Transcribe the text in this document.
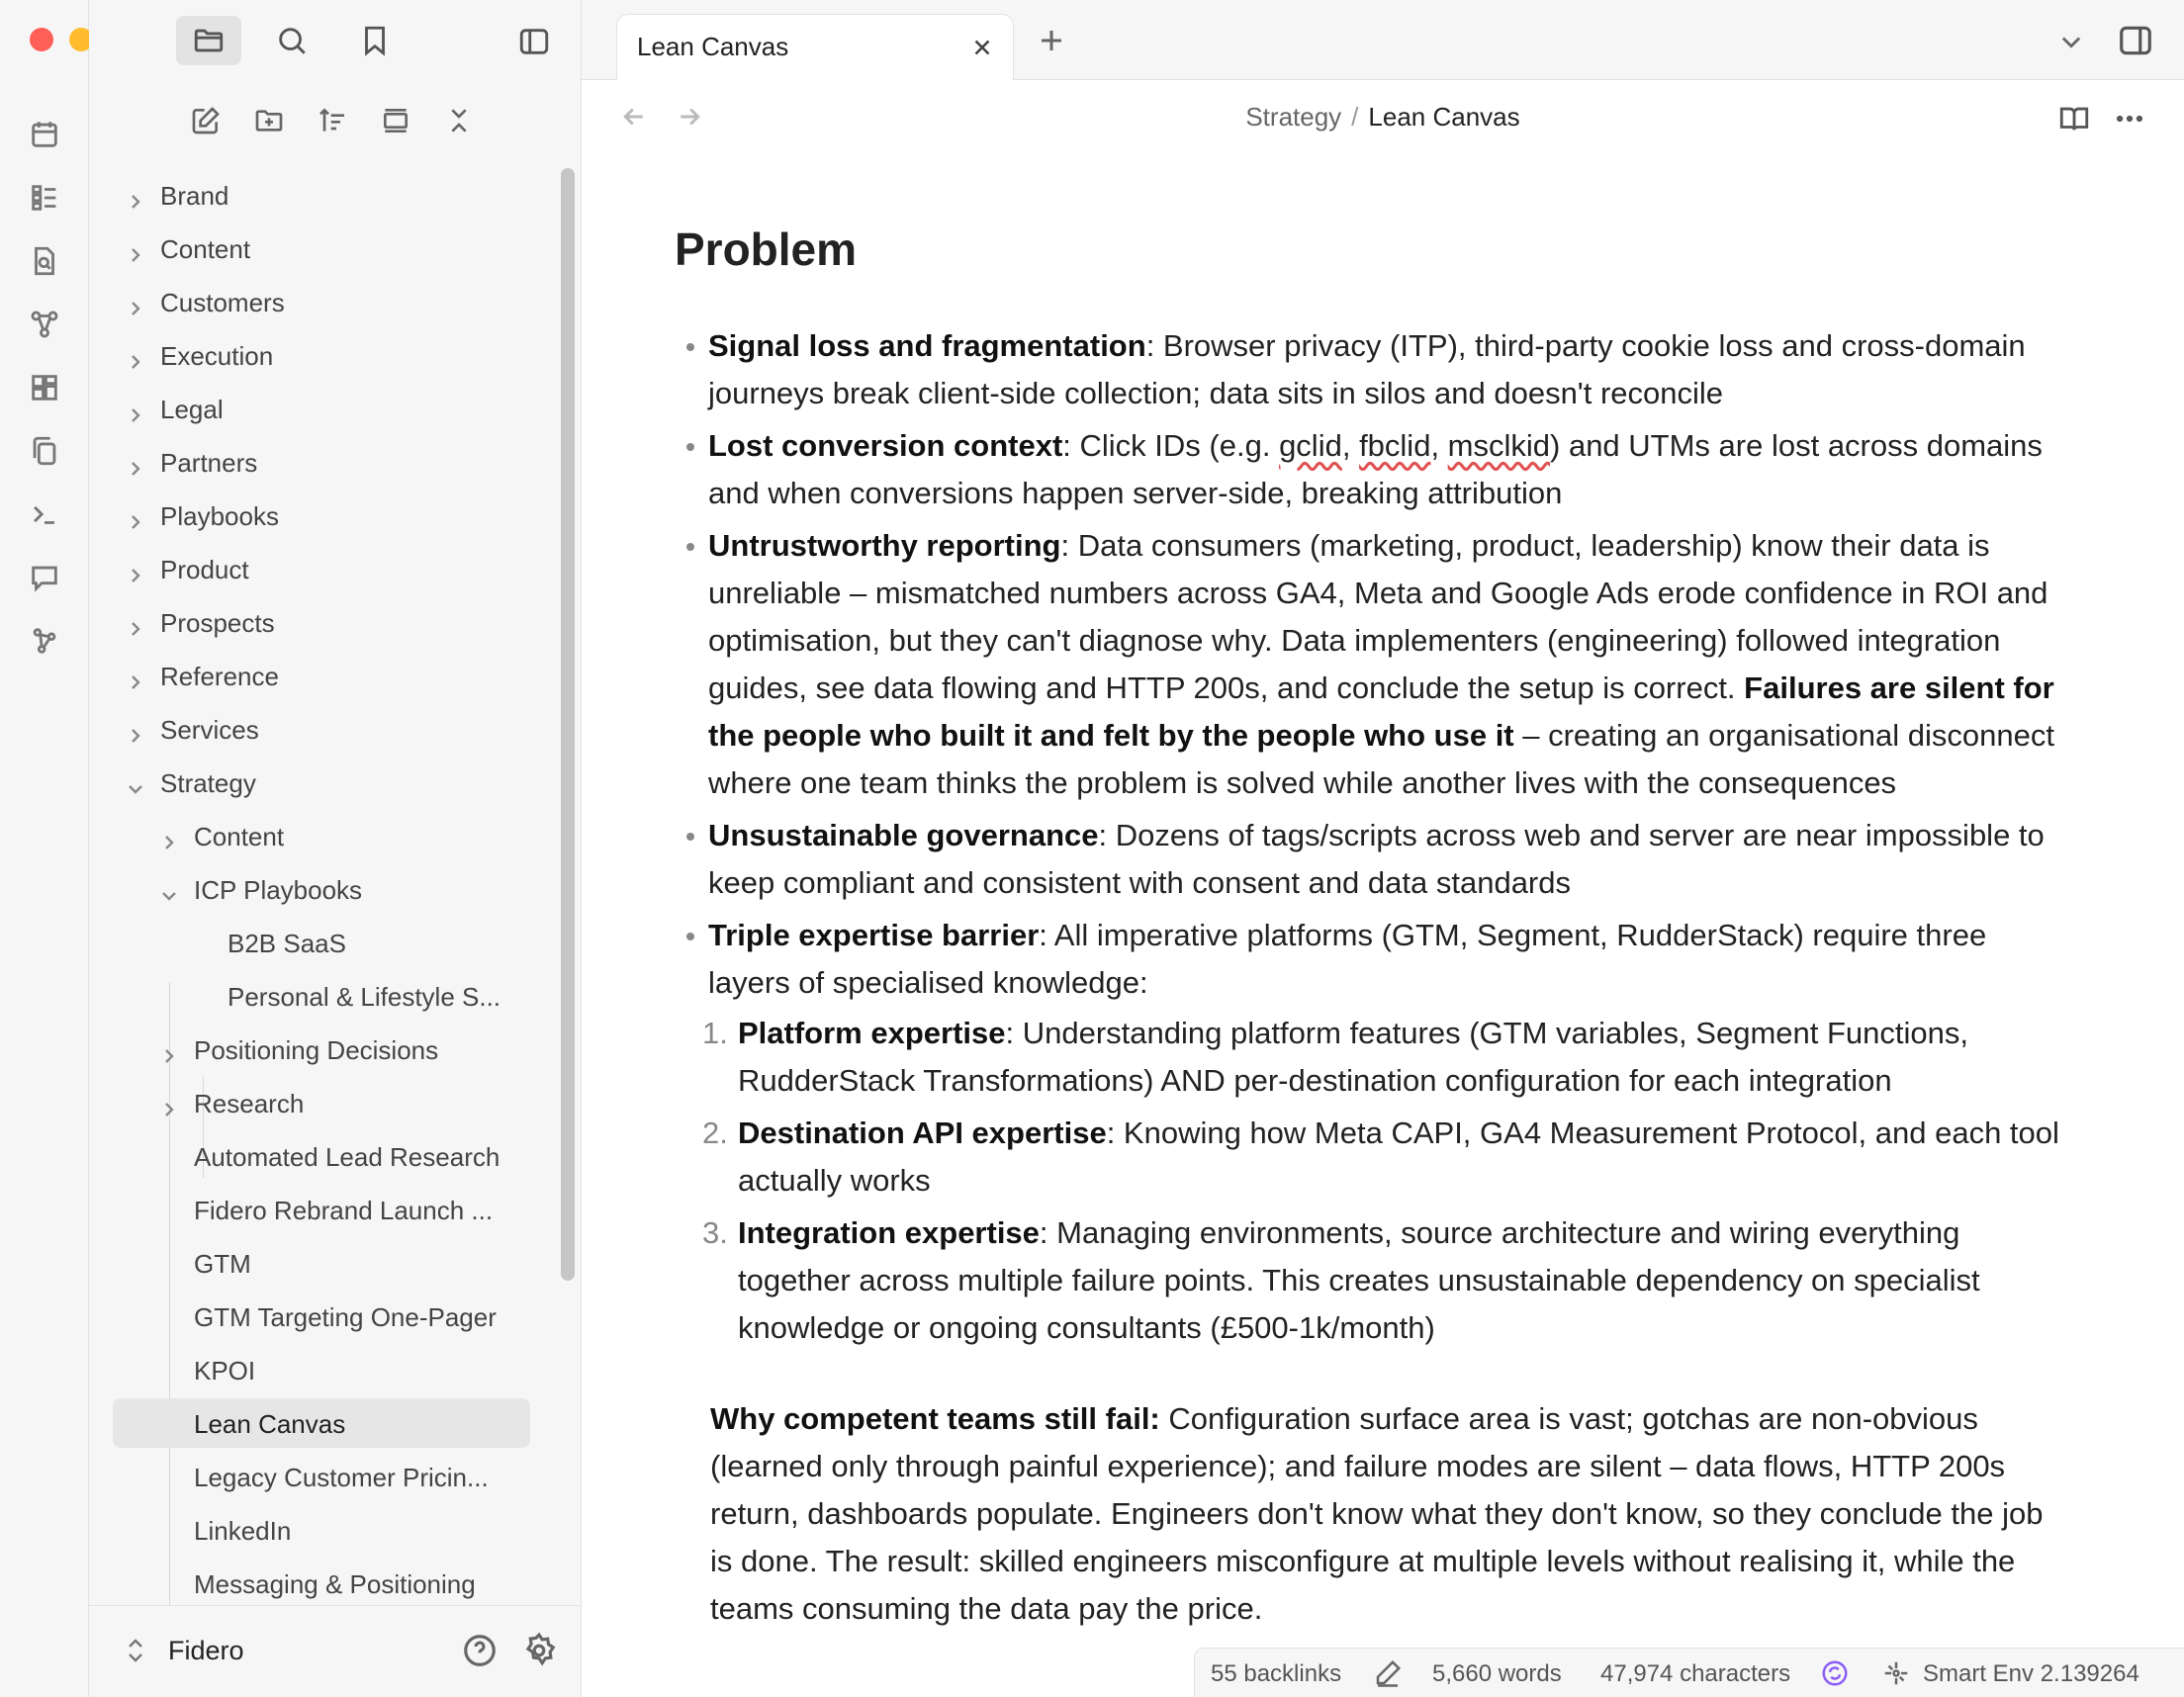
Brand
Content
Customers
Execution
Legal
Partners
Playbooks
Product
Prospects
Reference
Services
Strategy
Content
ICP Playbooks
B2B SaaS
Personal & Lifestyle S...
Positioning Decisions
Research
Automated Lead Research
Fidero Rebrand Launch ...
GTM
GTM Targeting One-Pager
KPOI
Lean Canvas
Legacy Customer Pricin...
LinkedIn
Messaging & Positioning
Fidero
Lean Canvas
Strategy / Lean Canvas
Problem
Signal loss and fragmentation: Browser privacy (ITP), third-party cookie loss and cross-domain journeys break client-side collection; data sits in silos and doesn't reconcile
Lost conversion context: Click IDs (e.g. gclid, fbclid, msclkid) and UTMs are lost across domains and when conversions happen server-side, breaking attribution
Untrustworthy reporting: Data consumers (marketing, product, leadership) know their data is unreliable – mismatched numbers across GA4, Meta and Google Ads erode confidence in ROI and optimisation, but they can't diagnose why. Data implementers (engineering) followed integration guides, see data flowing and HTTP 200s, and conclude the setup is correct. Failures are silent for the people who built it and felt by the people who use it – creating an organisational disconnect where one team thinks the problem is solved while another lives with the consequences
Unsustainable governance: Dozens of tags/scripts across web and server are near impossible to keep compliant and consistent with consent and data standards
Triple expertise barrier: All imperative platforms (GTM, Segment, RudderStack) require three layers of specialised knowledge:
1. Platform expertise: Understanding platform features (GTM variables, Segment Functions, RudderStack Transformations) AND per-destination configuration for each integration
2. Destination API expertise: Knowing how Meta CAPI, GA4 Measurement Protocol, and each tool actually works
3. Integration expertise: Managing environments, source architecture and wiring everything together across multiple failure points. This creates unsustainable dependency on specialist knowledge or ongoing consultants (£500-1k/month)

Why competent teams still fail: Configuration surface area is vast; gotchas are non-obvious (learned only through painful experience); and failure modes are silent – data flows, HTTP 200s return, dashboards populate. Engineers don't know what they don't know, so they conclude the job is done. The result: skilled engineers misconfigure at multiple levels without realising it, while the teams consuming the data pay the price.

55 backlinks	5,660 words 47,974 characters	Smart Env 2.139264
